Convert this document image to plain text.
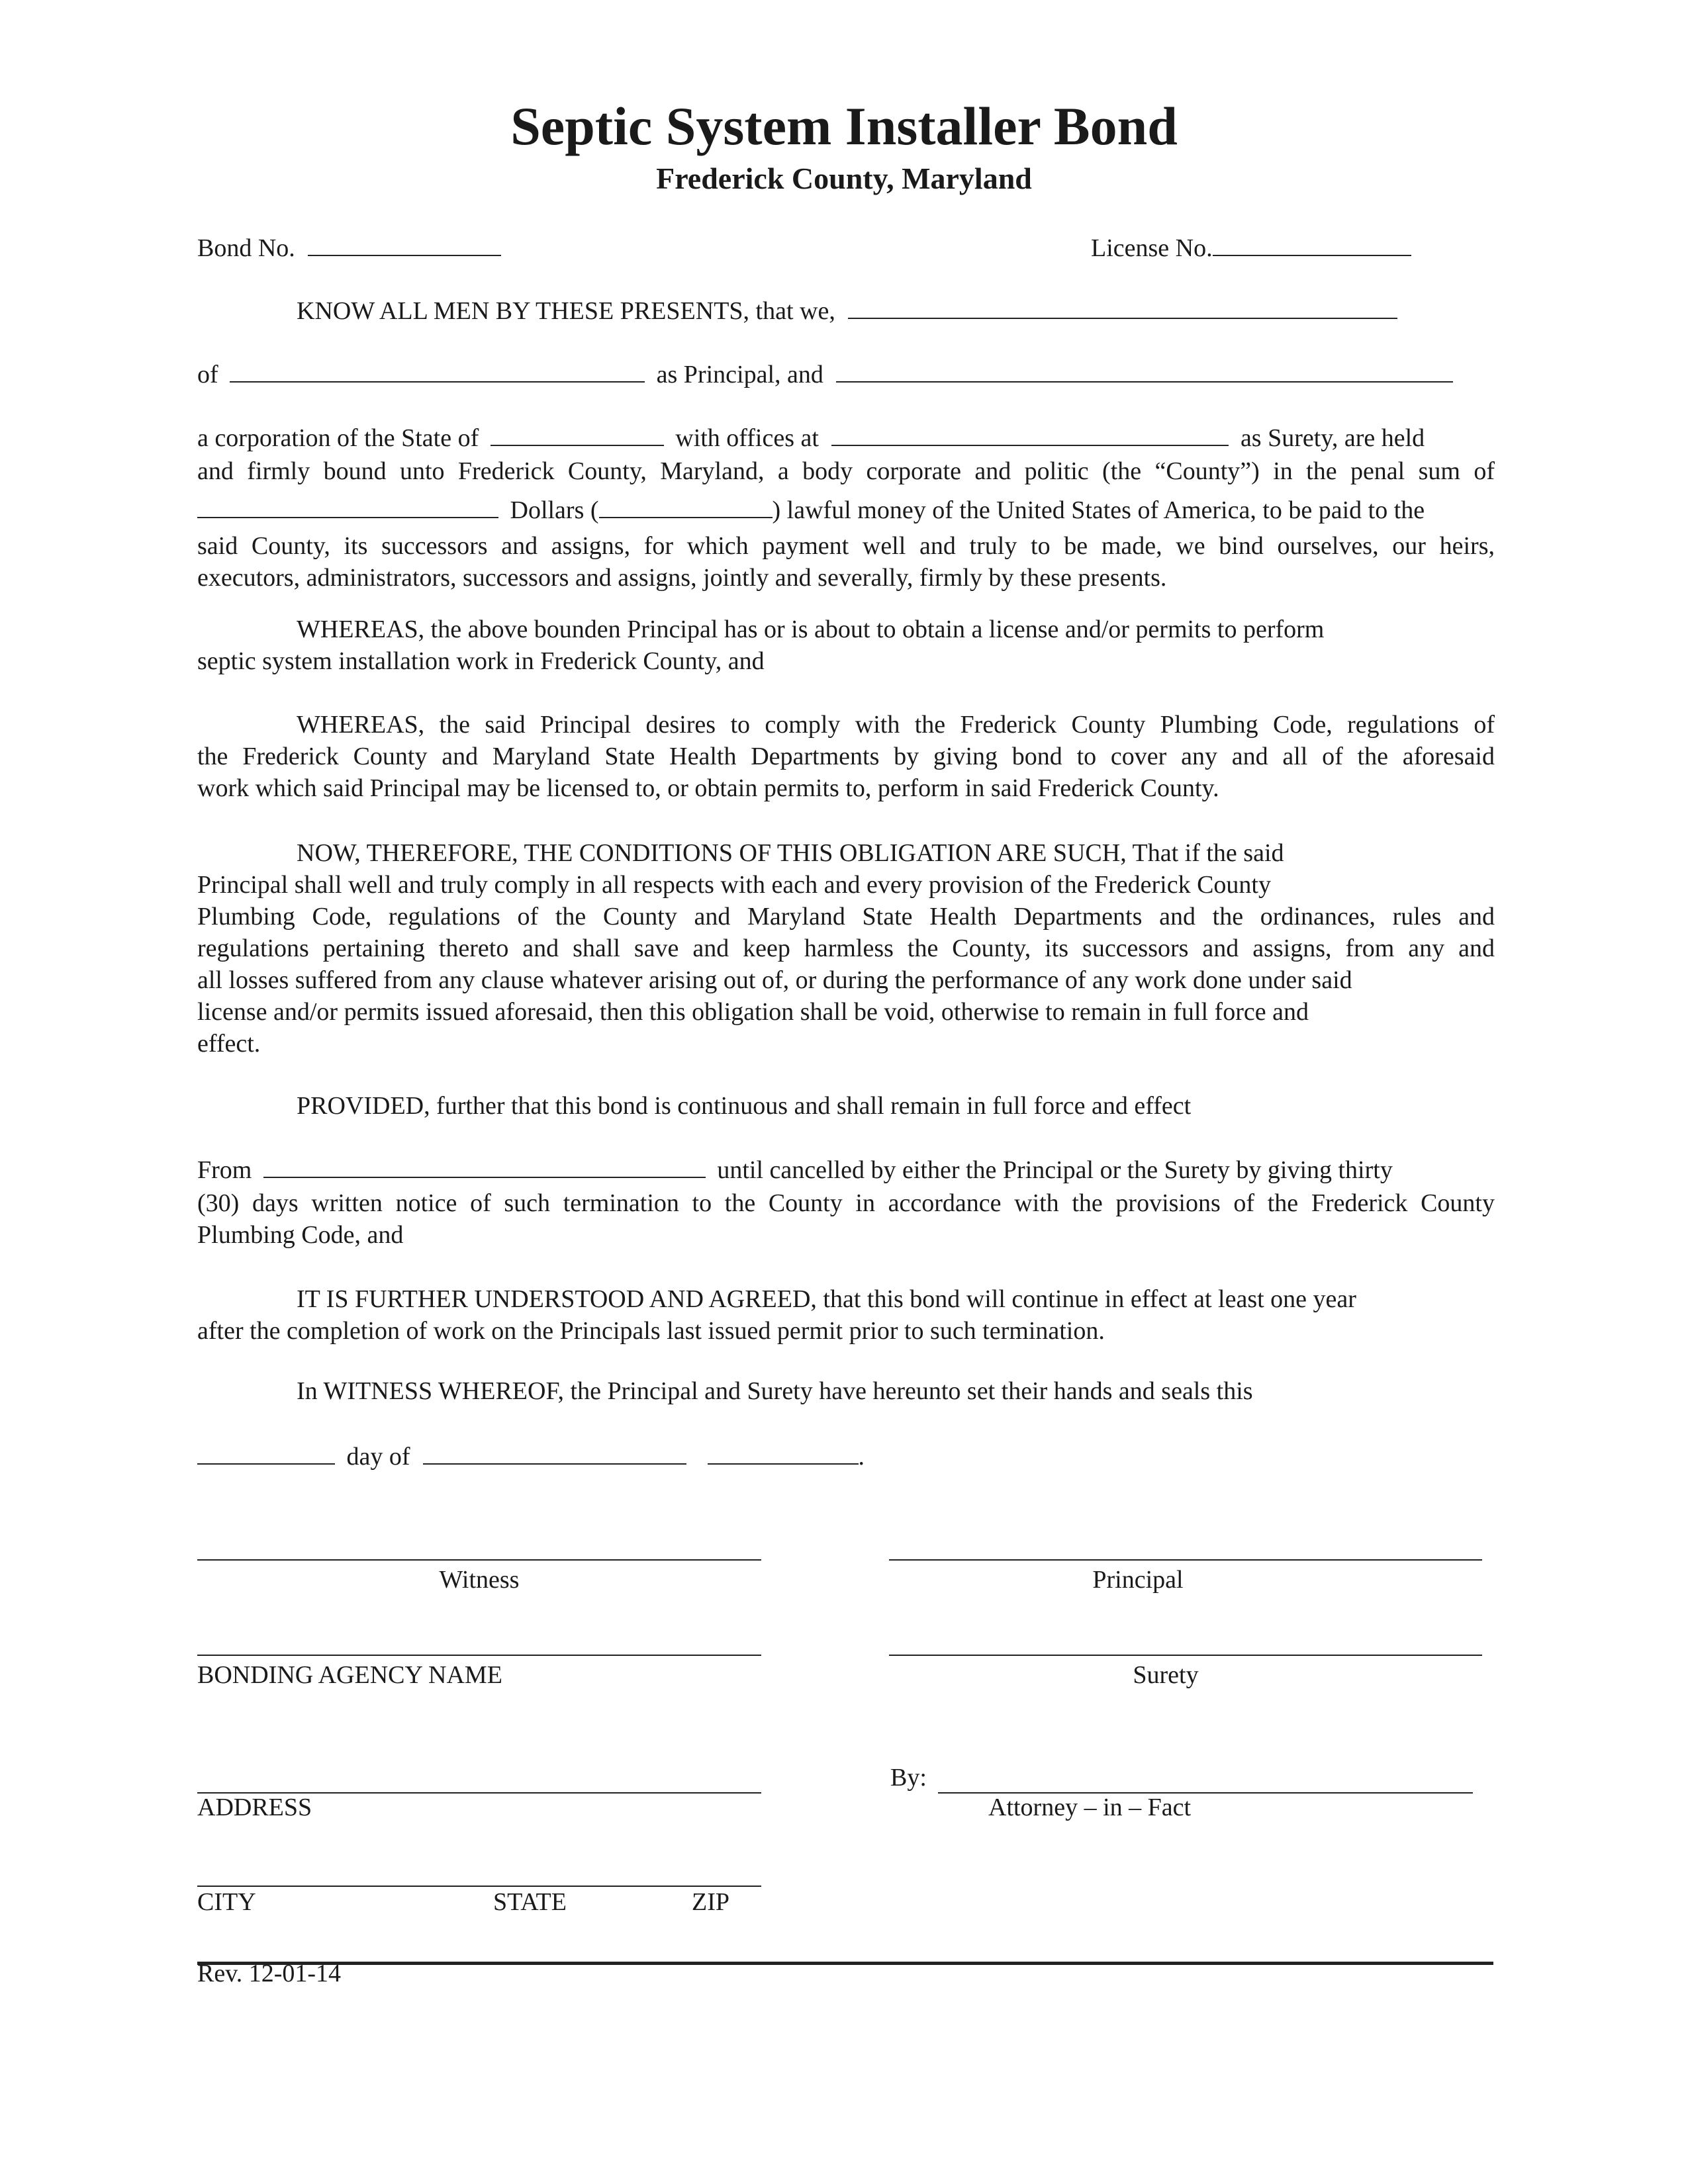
Septic System Installer Bond
Frederick County, Maryland
Bond No.	License No.
KNOW ALL MEN BY THESE PRESENTS, that we,
of	as Principal, and
a corporation of the State of	with offices at	as Surety, are held
and firmly bound unto Frederick County, Maryland, a body corporate and politic (the “County”) in the penal sum of
Dollars (	) lawful money of the United States of America, to be paid to the
said County, its successors and assigns, for which payment well and truly to be made, we bind ourselves, our heirs,
executors, administrators, successors and assigns, jointly and severally, firmly by these presents.
WHEREAS, the above bounden Principal has or is about to obtain a license and/or permits to perform
septic system installation work in Frederick County, and
WHEREAS, the said Principal desires to comply with the Frederick County Plumbing Code, regulations of
the Frederick County and Maryland State Health Departments by giving bond to cover any and all of the aforesaid
work which said Principal may be licensed to, or obtain permits to, perform in said Frederick County.
NOW, THEREFORE, THE CONDITIONS OF THIS OBLIGATION ARE SUCH, That if the said
Principal shall well and truly comply in all respects with each and every provision of the Frederick County
Plumbing Code, regulations of the County and Maryland State Health Departments and the ordinances, rules and
regulations pertaining thereto and shall save and keep harmless the County, its successors and assigns, from any and
all losses suffered from any clause whatever arising out of, or during the performance of any work done under said
license and/or permits issued aforesaid, then this obligation shall be void, otherwise to remain in full force and
effect.
PROVIDED, further that this bond is continuous and shall remain in full force and effect
From	until cancelled by either the Principal or the Surety by giving thirty
(30) days written notice of such termination to the County in accordance with the provisions of the Frederick County
Plumbing Code, and
IT IS FURTHER UNDERSTOOD AND AGREED, that this bond will continue in effect at least one year
after the completion of work on the Principals last issued permit prior to such termination.
In WITNESS WHEREOF, the Principal and Surety have hereunto set their hands and seals this
day of	.
Witness	Principal
BONDING AGENCY NAME	Surety
By:
ADDRESS	Attorney – in – Fact
CITY	STATE	ZIP
Rev. 12-01-14
